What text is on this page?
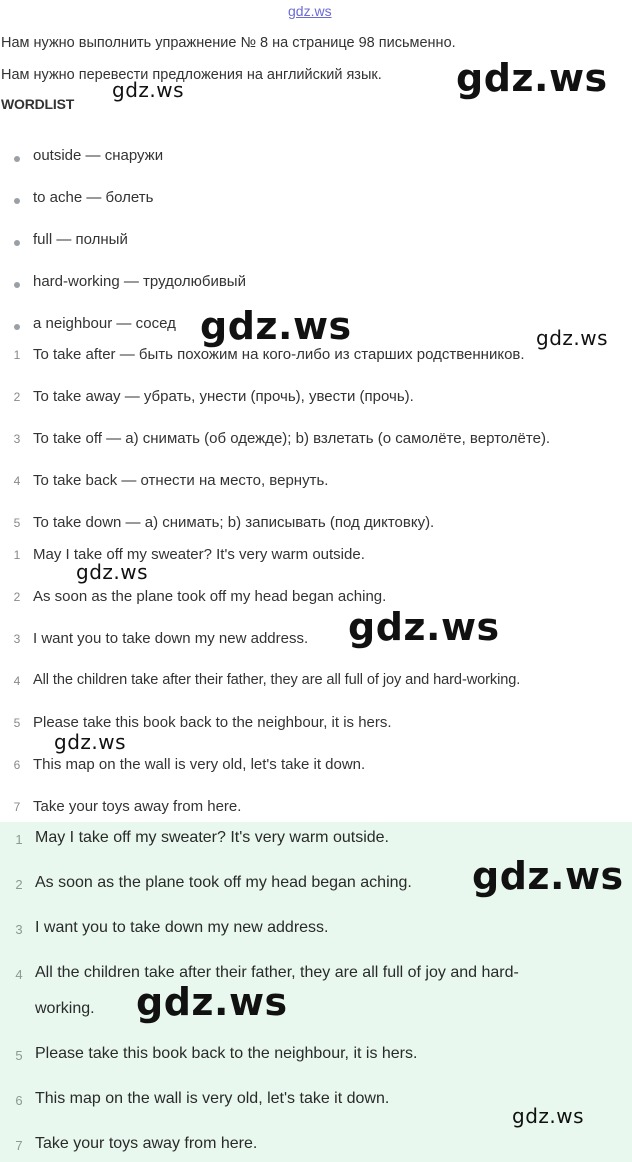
gdz.ws
Нам нужно выполнить упражнение № 8 на странице 98 письменно.
Нам нужно перевести предложения на английский язык.
WORDLIST
outside — снаружи
to ache — болеть
full — полный
hard-working — трудолюбивый
a neighbour — сосед
1 To take after — быть похожим на кого-либо из старших родственников.
2 To take away — убрать, унести (прочь), увести (прочь).
3 To take off — a) снимать (об одежде); b) взлетать (о самолёте, вертолёте).
4 To take back — отнести на место, вернуть.
5 To take down — a) снимать; b) записывать (под диктовку).
1 May I take off my sweater? It's very warm outside.
2 As soon as the plane took off my head began aching.
3 I want you to take down my new address.
4 All the children take after their father, they are all full of joy and hard-working.
5 Please take this book back to the neighbour, it is hers.
6 This map on the wall is very old, let's take it down.
7 Take your toys away from here.
1 May I take off my sweater? It's very warm outside.
2 As soon as the plane took off my head began aching.
3 I want you to take down my new address.
4 All the children take after their father, they are all full of joy and hard-
working.
5 Please take this book back to the neighbour, it is hers.
6 This map on the wall is very old, let's take it down.
7 Take your toys away from here.
gdz.ws
gdz.ws
gdz.ws	gdz.ws
gdz.ws
gdz.ws
gdz.ws
gdz.ws
gdz.ws
gdz.ws
